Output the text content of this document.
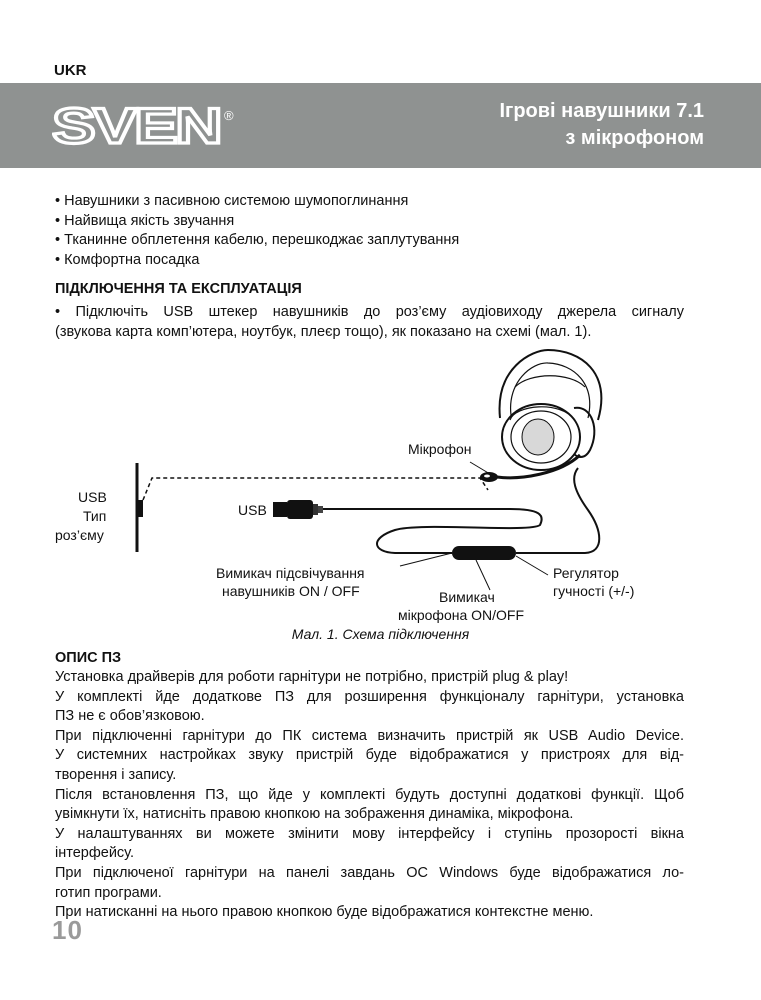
UKR
SVEN ®	Ігрові навушники 7.1
з мікрофоном
• Навушники з пасивною системою шумопоглинання
• Найвища якість звучання
• Тканинне обплетення кабелю, перешкоджає заплутування
• Комфортна посадка
ПІДКЛЮЧЕННЯ ТА ЕКСПЛУАТАЦІЯ
• Підключіть USB штекер навушників до роз’єму аудіовиходу джерела сигналу
(звукова карта комп’ютера, ноутбук, плеєр тощо), як показано на схемі (мал. 1).
Мікрофон
USB
Тип
роз’єму
USB
Вимикач підсвічування
навушників ON / OFF	Вимикач
мікрофона ON/OFF
Регулятор
гучності (+/-)
Мал. 1. Схема підключення
ОПИС ПЗ
Установка драйверів для роботи гарнітури не потрібно, пристрій plug & play!
У комплекті йде додаткове ПЗ для розширення функціоналу гарнітури, установка
ПЗ не є обов’язковою.
При підключенні гарнітури до ПК система визначить пристрій як USB Audio Device.
У системних настройках звуку пристрій буде відображатися у пристроях для від-
творення і запису.
Після встановлення ПЗ, що йде у комплекті будуть доступні додаткові функції. Щоб
увімкнути їх, натисніть правою кнопкою на зображення динаміка, мікрофона.
У налаштуваннях ви можете змінити мову інтерфейсу і ступінь прозорості вікна
інтерфейсу.
При підключеної гарнітури на панелі завдань ОС Windows буде відображатися ло-
готип програми.
При натисканні на нього правою кнопкою буде відображатися контекстне меню.
10
